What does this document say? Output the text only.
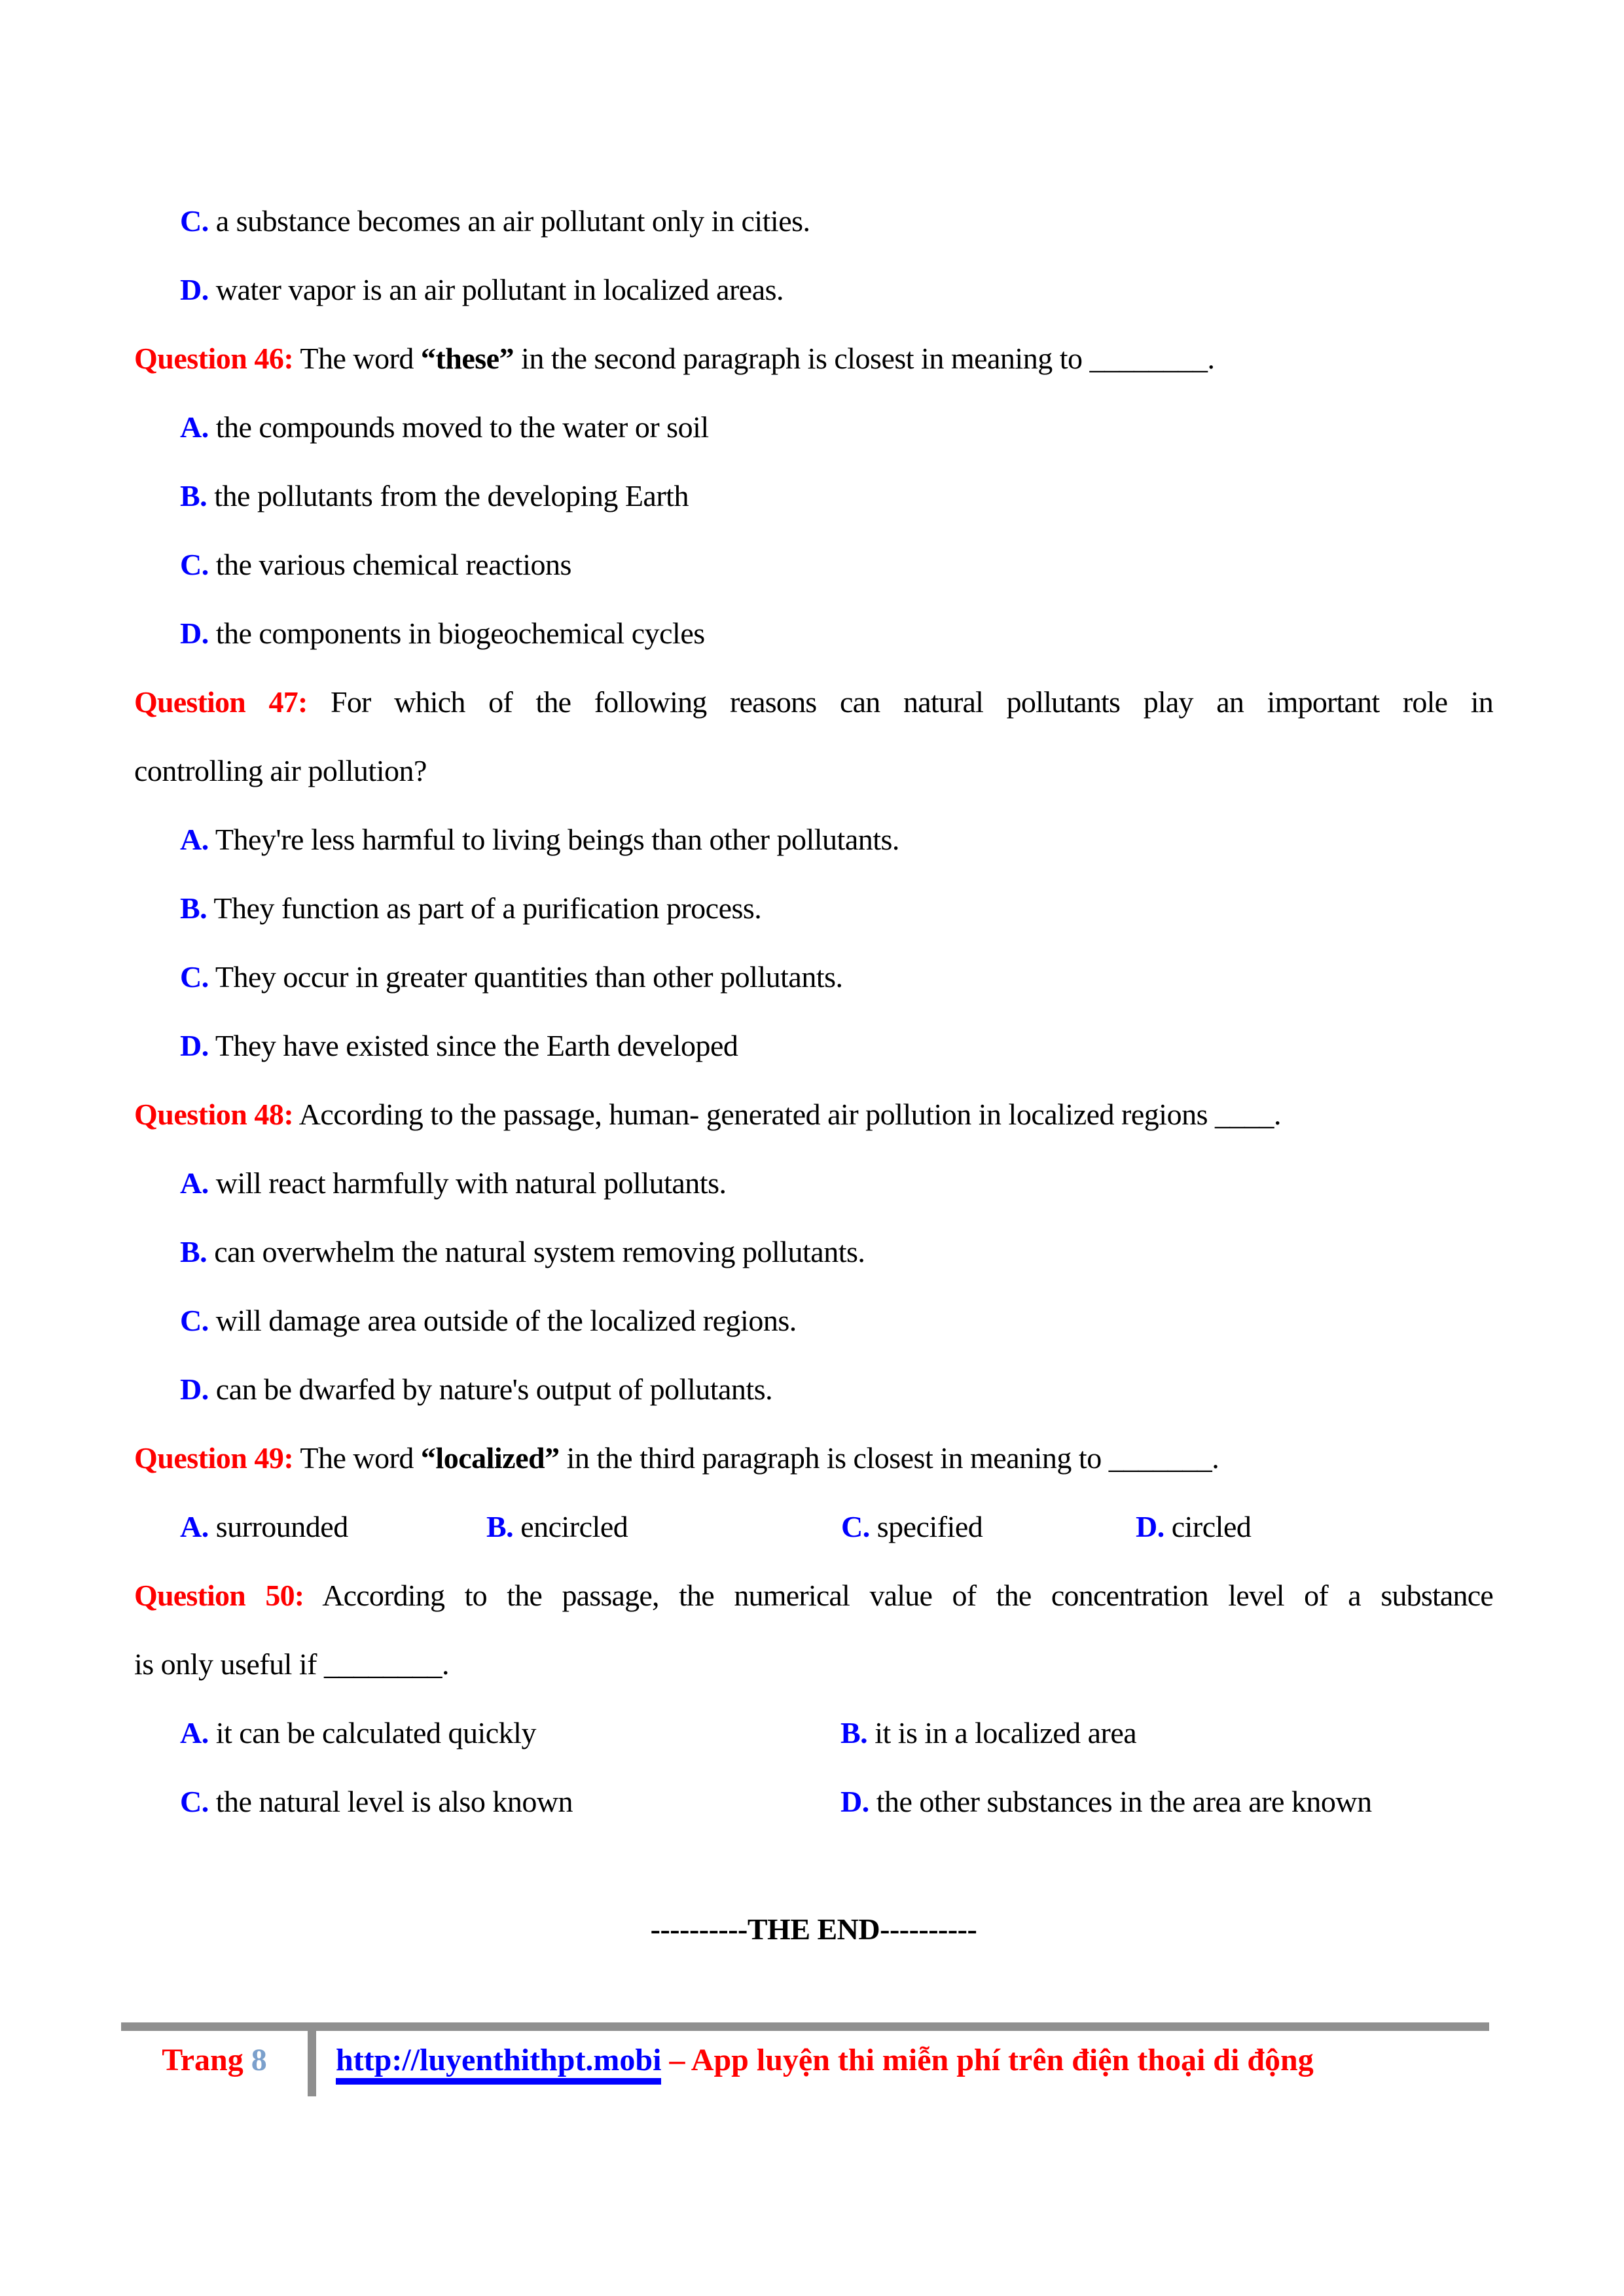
C. a substance becomes an air pollutant only in cities.
D. water vapor is an air pollutant in localized areas.
Question 46: The word “these” in the second paragraph is closest in meaning to ________.
A. the compounds moved to the water or soil
B. the pollutants from the developing Earth
C. the various chemical reactions
D. the components in biogeochemical cycles
Question 47: For which of the following reasons can natural pollutants play an important role in
controlling air pollution?
A. They're less harmful to living beings than other pollutants.
B. They function as part of a purification process.
C. They occur in greater quantities than other pollutants.
D. They have existed since the Earth developed
Question 48: According to the passage, human- generated air pollution in localized regions ____.
A. will react harmfully with natural pollutants.
B. can overwhelm the natural system removing pollutants.
C. will damage area outside of the localized regions.
D. can be dwarfed by nature's output of pollutants.
Question 49: The word “localized” in the third paragraph is closest in meaning to _______.
A. surrounded	B. encircled	C. specified	D. circled
Question 50: According to the passage, the numerical value of the concentration level of a substance
is only useful if ________.
A. it can be calculated quickly	B. it is in a localized area
C. the natural level is also known	D. the other substances in the area are known
----------THE END----------
Trang 8	http://luyenthithpt.mobi – App luyện thi miễn phí trên điện thoại di động
